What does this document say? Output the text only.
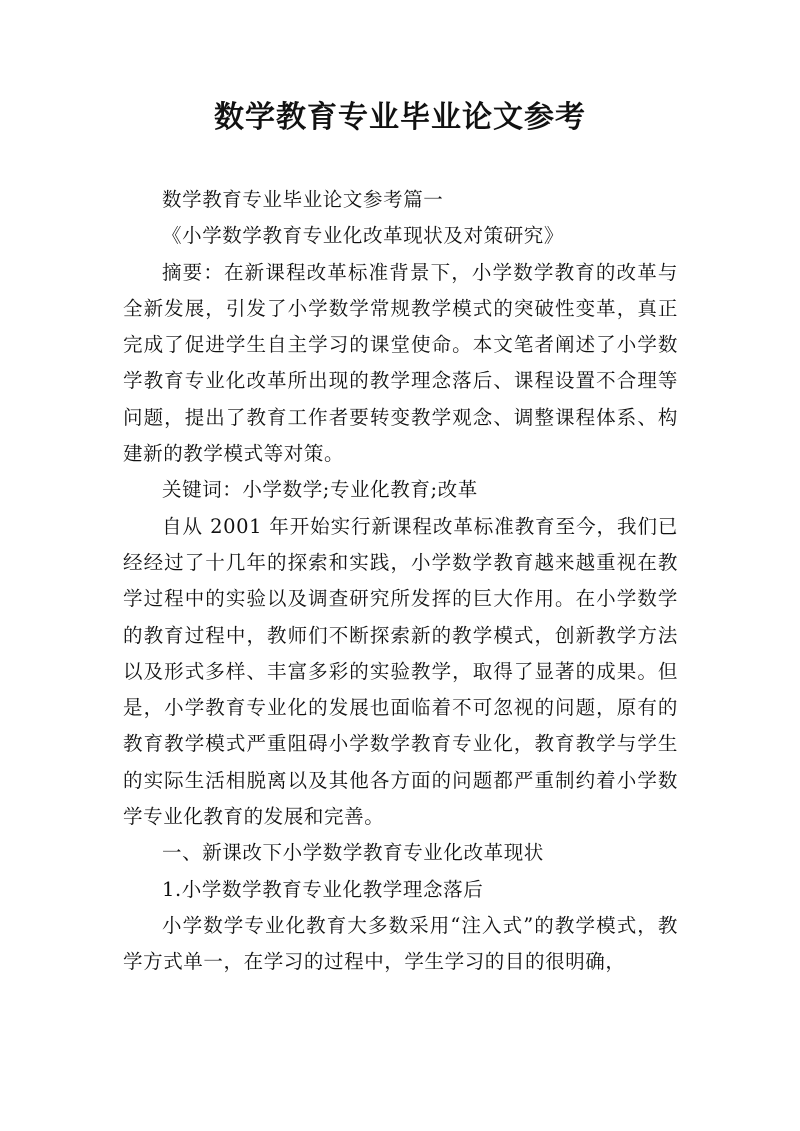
数学教育专业毕业论文参考

数学教育专业毕业论文参考篇一

《小学数学教育专业化改革现状及对策研究》

摘要：在新课程改革标准背景下，小学数学教育的改革与全新发展，引发了小学数学常规教学模式的突破性变革，真正完成了促进学生自主学习的课堂使命。本文笔者阐述了小学数学教育专业化改革所出现的教学理念落后、课程设置不合理等问题，提出了教育工作者要转变教学观念、调整课程体系、构建新的教学模式等对策。

关键词：小学数学;专业化教育;改革

自从 2001 年开始实行新课程改革标准教育至今，我们已经经过了十几年的探索和实践，小学数学教育越来越重视在教学过程中的实验以及调查研究所发挥的巨大作用。在小学数学的教育过程中，教师们不断探索新的教学模式，创新教学方法以及形式多样、丰富多彩的实验教学，取得了显著的成果。但是，小学教育专业化的发展也面临着不可忽视的问题，原有的教育教学模式严重阻碍小学数学教育专业化，教育教学与学生的实际生活相脱离以及其他各方面的问题都严重制约着小学数学专业化教育的发展和完善。

一、新课改下小学数学教育专业化改革现状

1.小学数学教育专业化教学理念落后

小学数学专业化教育大多数采用“注入式”的教学模式，教学方式单一，在学习的过程中，学生学习的目的很明确，
